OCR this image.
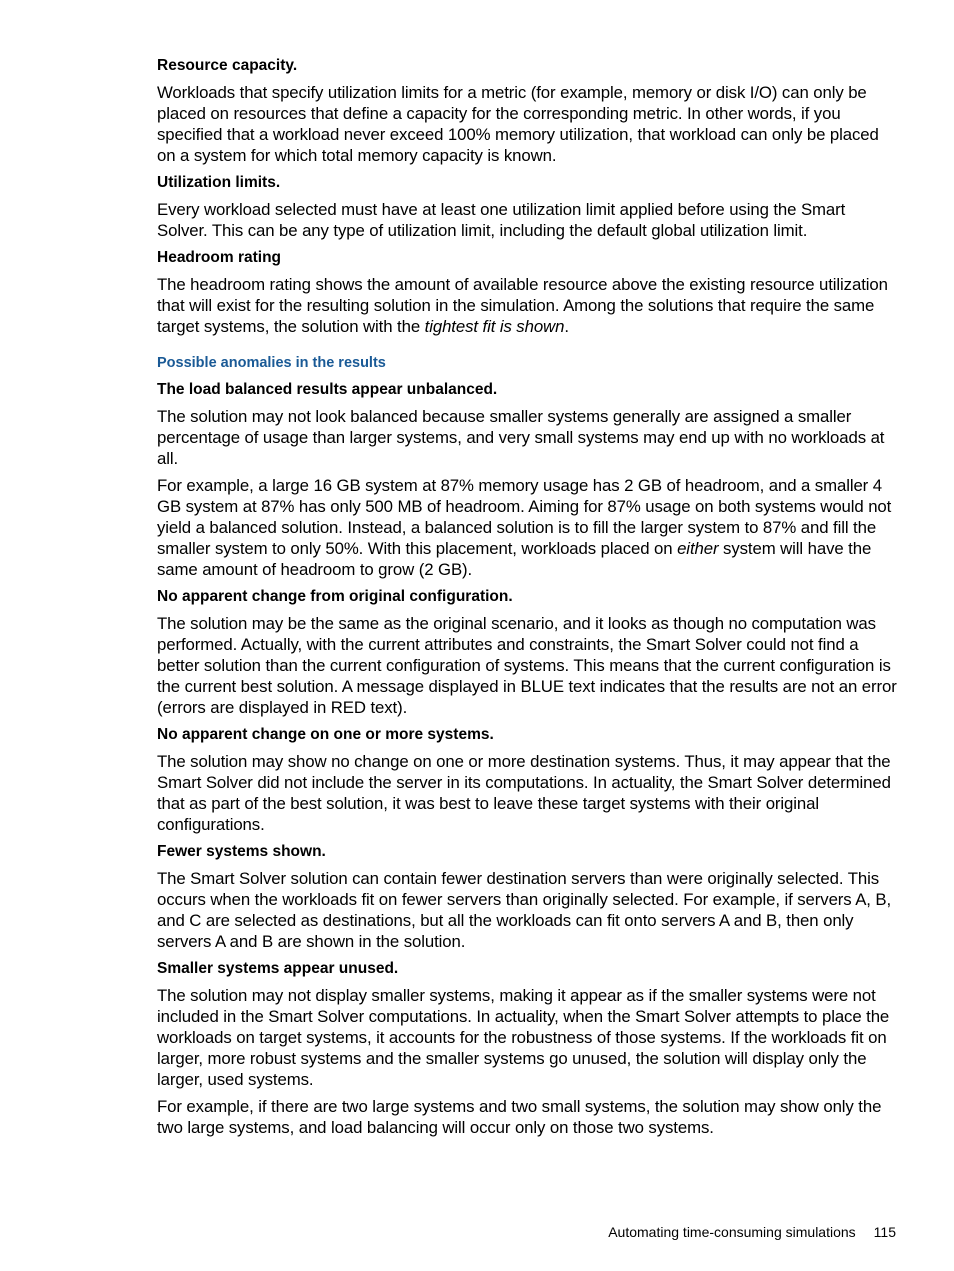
Resource capacity.

Workloads that specify utilization limits for a metric (for example, memory or disk I/O) can only be placed on resources that define a capacity for the corresponding metric. In other words, if you specified that a workload never exceed 100% memory utilization, that workload can only be placed on a system for which total memory capacity is known.

Utilization limits.

Every workload selected must have at least one utilization limit applied before using the Smart Solver. This can be any type of utilization limit, including the default global utilization limit.

Headroom rating

The headroom rating shows the amount of available resource above the existing resource utilization that will exist for the resulting solution in the simulation. Among the solutions that require the same target systems, the solution with the tightest fit is shown.

Possible anomalies in the results
The load balanced results appear unbalanced.

The solution may not look balanced because smaller systems generally are assigned a smaller percentage of usage than larger systems, and very small systems may end up with no workloads at all.

For example, a large 16 GB system at 87% memory usage has 2 GB of headroom, and a smaller 4 GB system at 87% has only 500 MB of headroom. Aiming for 87% usage on both systems would not yield a balanced solution. Instead, a balanced solution is to fill the larger system to 87% and fill the smaller system to only 50%. With this placement, workloads placed on either system will have the same amount of headroom to grow (2 GB).

No apparent change from original configuration.

The solution may be the same as the original scenario, and it looks as though no computation was performed. Actually, with the current attributes and constraints, the Smart Solver could not find a better solution than the current configuration of systems. This means that the current configuration is the current best solution. A message displayed in BLUE text indicates that the results are not an error (errors are displayed in RED text).

No apparent change on one or more systems.

The solution may show no change on one or more destination systems. Thus, it may appear that the Smart Solver did not include the server in its computations. In actuality, the Smart Solver determined that as part of the best solution, it was best to leave these target systems with their original configurations.

Fewer systems shown.

The Smart Solver solution can contain fewer destination servers than were originally selected. This occurs when the workloads fit on fewer servers than originally selected. For example, if servers A, B, and C are selected as destinations, but all the workloads can fit onto servers A and B, then only servers A and B are shown in the solution.

Smaller systems appear unused.

The solution may not display smaller systems, making it appear as if the smaller systems were not included in the Smart Solver computations. In actuality, when the Smart Solver attempts to place the workloads on target systems, it accounts for the robustness of those systems. If the workloads fit on larger, more robust systems and the smaller systems go unused, the solution will display only the larger, used systems.

For example, if there are two large systems and two small systems, the solution may show only the two large systems, and load balancing will occur only on those two systems.

Automating time-consuming simulations 115
